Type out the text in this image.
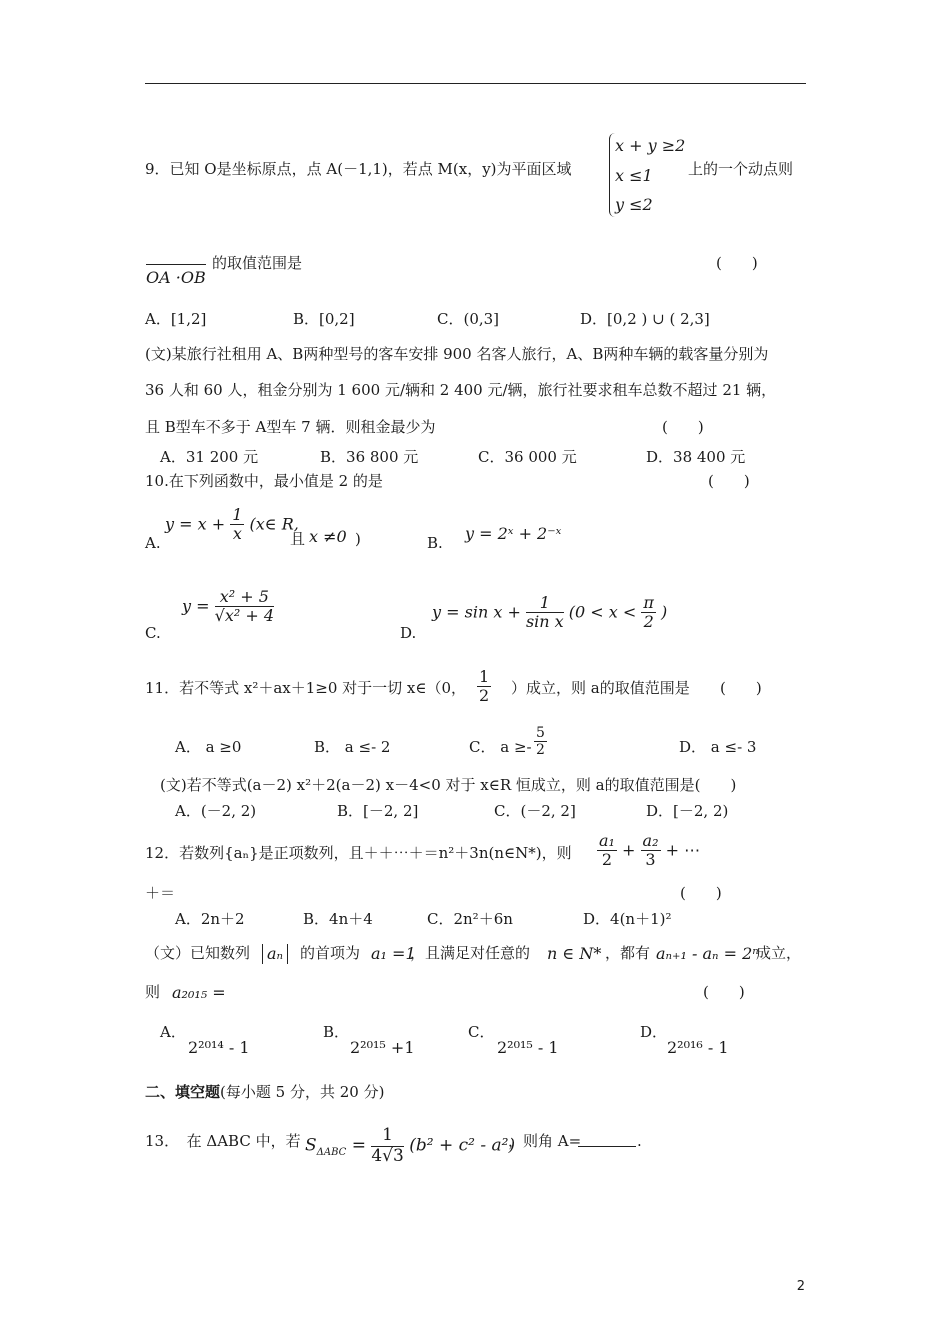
9．已知 O是坐标原点，点 A(－1,1)，若点 M(x，y)为平面区域
x + y ≥2
x ≤1
y ≤2
上的一个动点则
OA ·OB
的取值范围是	(　　)
A．[1,2]	B．[0,2]	C．(0,3]	D．[0,2 ) ∪ ( 2,3]
(文)某旅行社租用 A、B两种型号的客车安排 900 名客人旅行，A、B两种车辆的载客量分别为
36 人和 60 人，租金分别为 1 600 元/辆和 2 400 元/辆，旅行社要求租车总数不超过 21 辆，
且 B型车不多于 A型车 7 辆．则租金最少为	(　　)
A．31 200 元	B．36 800 元	C．36 000 元	D．38 400 元
10.在下列函数中，最小值是 2 的是	(　　)
A.
$y = x + \frac{1}{x}$ (x∈ R,
且 x ≠0 )	B. y = 2ˣ + 2⁻ˣ
C.
$y = \frac{\text{x² + 5}}{\text{√x² + 4}}$
D.
$y = \sin x + \frac{1}{\text{sin x}} (0 < x < \frac{\pi}{2}$ )
11．若不等式 x²＋ax＋1≥0 对于一切 x∈（0， $\frac{1}{2}$ ）成立，则 a的取值范围是 (　　)
A． a ≥0	B． a ≤- 2	C． $a \ge- \frac{5}{2}$	D． a ≤- 3
(文)若不等式(a－2) x²＋2(a－2) x－4<0 对于 x∈R 恒成立，则 a的取值范围是(　　)
A．(－2, 2)	B．[－2, 2]	C．(－2, 2]	D．[－2, 2)
12．若数列{aₙ}是正项数列，且＋＋⋯＋＝n²＋3n(n∈N*)，则 $\frac{\text{a₁}}{2} + \frac{\text{a₂}}{3}$ + ⋯
＋＝	(　　)
A．2n＋2	B．4n＋4	C．2n²＋6n	D．4(n＋1)²
（文）已知数列	aₙ	的首项为 a₁ =1
，且满足对任意的 n ∈ N* ，都有 aₙ₊₁ - aₙ = 2ⁿ
成立，
则 a₂₀₁₅ =	(　　)
A．
2²⁰¹⁴ - 1
B．
2²⁰¹⁵ +1
C．
2²⁰¹⁵ - 1
D．
2²⁰¹⁶ - 1
二、填空题(每小题 5 分，共 20 分)
13．　在 ΔABC 中，若 $S_{\Delta ABC} = \frac{1}{4√3} (b^2 + c^2 - a^2)$
，则角 A=	.
2
